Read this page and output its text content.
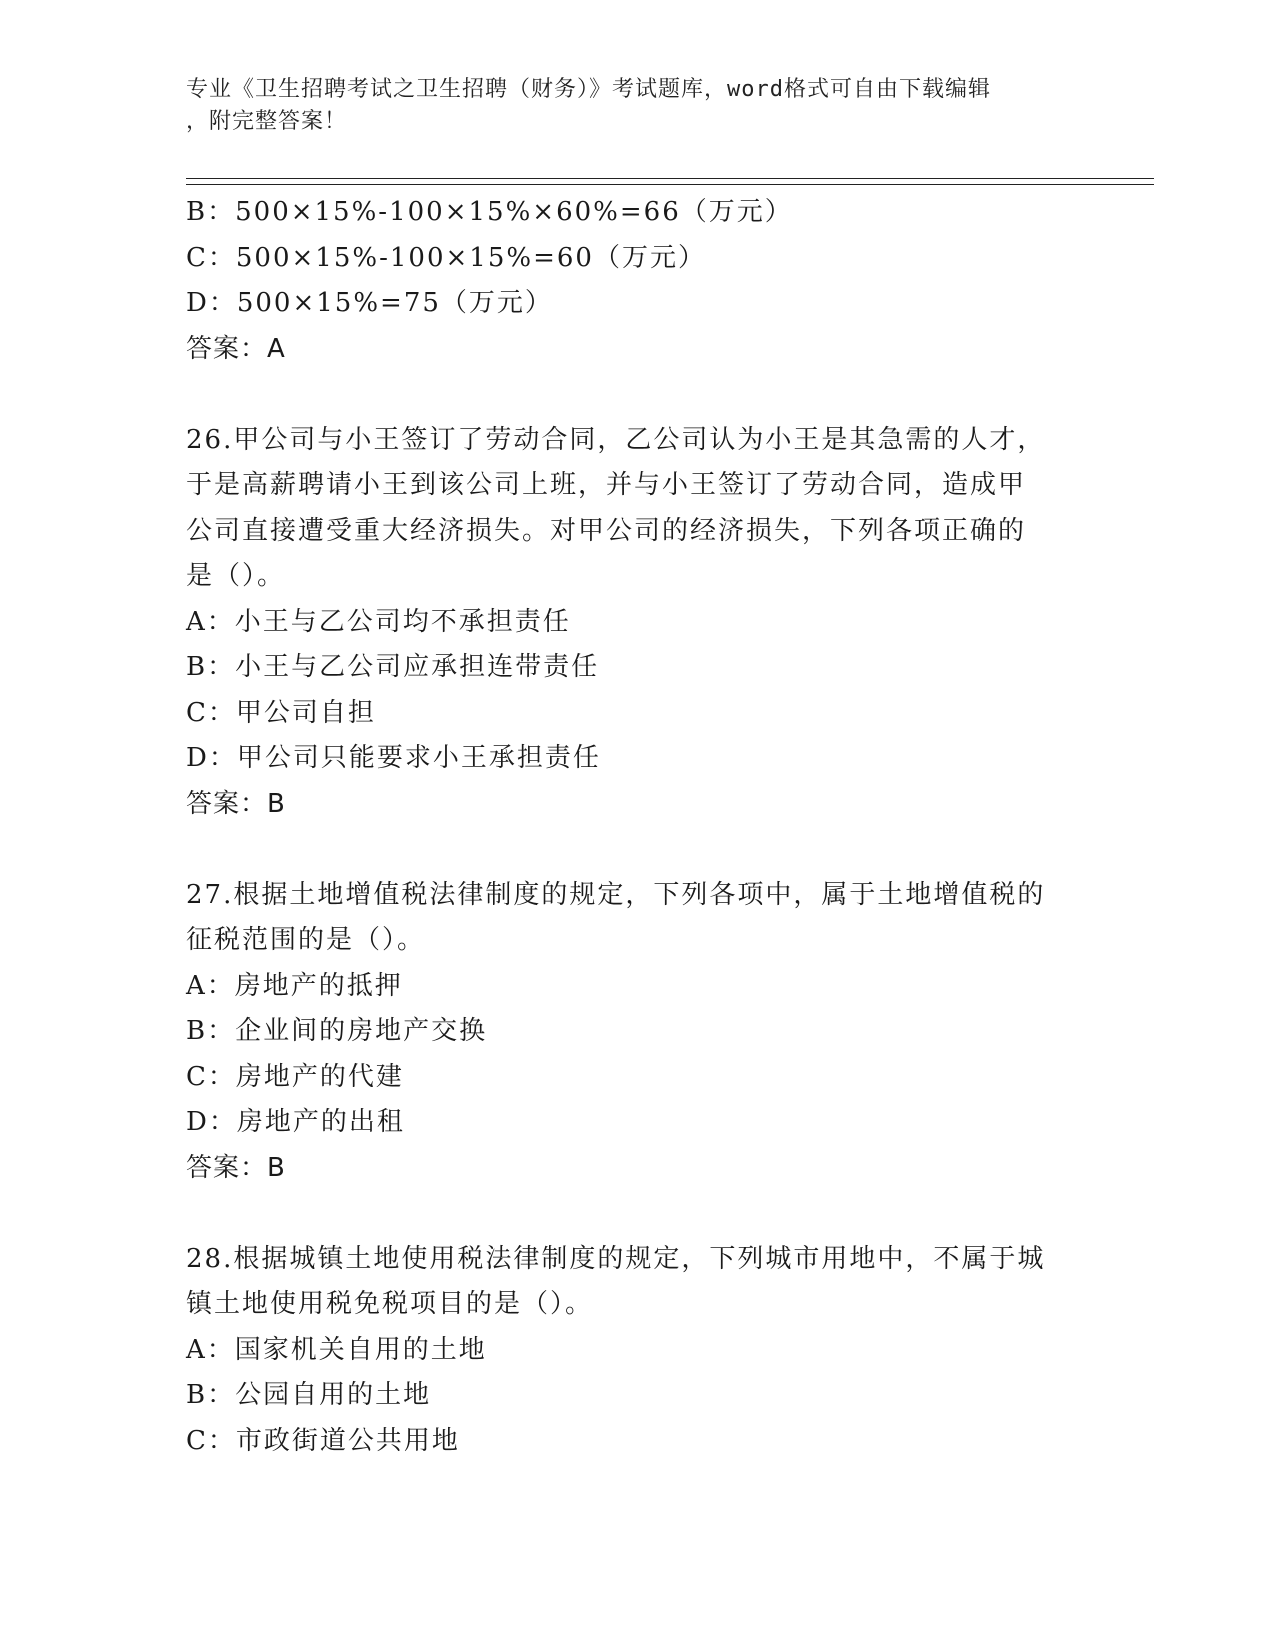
专业《卫生招聘考试之卫生招聘（财务）》考试题库，word格式可自由下载编辑
，附完整答案！
B：500×15%-100×15%×60%=66（万元）
C：500×15%-100×15%=60（万元）
D：500×15%=75（万元）
答案：A
26.甲公司与小王签订了劳动合同，乙公司认为小王是其急需的人才，
于是高薪聘请小王到该公司上班，并与小王签订了劳动合同，造成甲
公司直接遭受重大经济损失。对甲公司的经济损失，下列各项正确的
是（）。
A：小王与乙公司均不承担责任
B：小王与乙公司应承担连带责任
C：甲公司自担
D：甲公司只能要求小王承担责任
答案：B
27.根据土地增值税法律制度的规定，下列各项中，属于土地增值税的
征税范围的是（）。
A：房地产的抵押
B：企业间的房地产交换
C：房地产的代建
D：房地产的出租
答案：B
28.根据城镇土地使用税法律制度的规定，下列城市用地中，不属于城
镇土地使用税免税项目的是（）。
A：国家机关自用的土地
B：公园自用的土地
C：市政街道公共用地
